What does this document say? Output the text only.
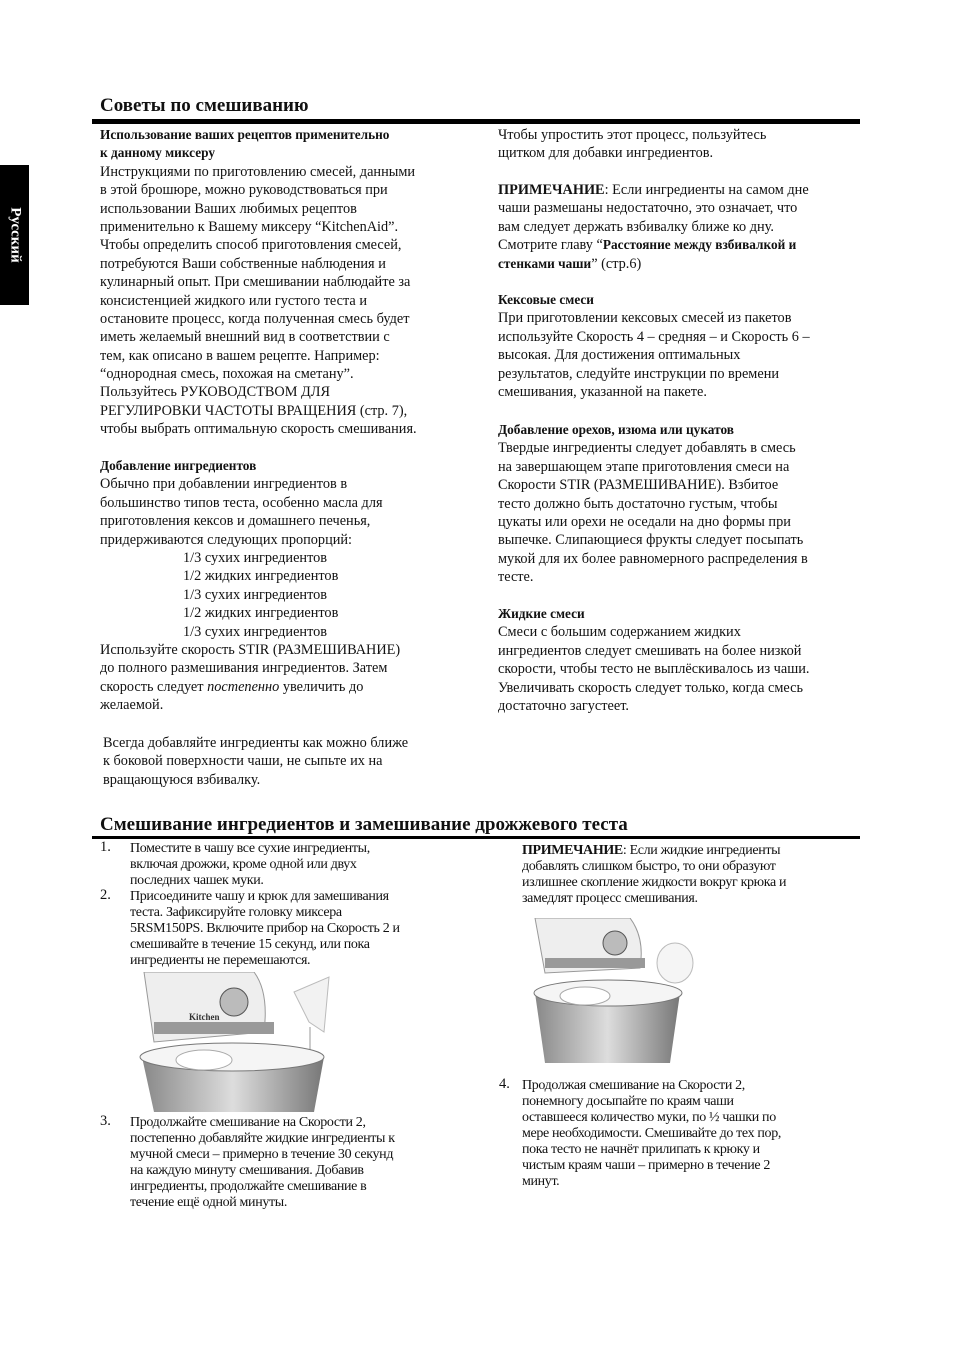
Русский
Советы по смешиванию
Использование ваших рецептов применительно
к данному миксеру
Инструкциями по приготовлению смесей, данными
в этой брошюре, можно руководствоваться при
использовании Ваших любимых рецептов
применительно к Вашему миксеру “KitchenAid”.
Чтобы определить способ приготовления смесей,
потребуются Ваши собственные наблюдения и
кулинарный опыт. При смешивании наблюдайте за
консистенцией жидкого или густого теста и
остановите процесс, когда полученная смесь будет
иметь желаемый внешний вид в соответствии с
тем, как описано в вашем рецепте. Например:
“однородная смесь, похожая на сметану”.
Пользуйтесь РУКОВОДСТВОМ ДЛЯ
РЕГУЛИРОВКИ ЧАСТОТЫ ВРАЩЕНИЯ (стр. 7),
чтобы выбрать оптимальную скорость смешивания.
Добавление ингредиентов
Обычно при добавлении ингредиентов в
большинство типов теста, особенно масла для
приготовления кексов и домашнего печенья,
придерживаются следующих пропорций:
1/3 сухих ингредиентов
1/2 жидких ингредиентов
1/3 сухих ингредиентов
1/2 жидких ингредиентов
1/3 сухих ингредиентов
Используйте скорость STIR (РАЗМЕШИВАНИЕ)
до полного размешивания ингредиентов. Затем
скорость следует постепенно увеличить до
желаемой.
Всегда добавляйте ингредиенты как можно ближе
к боковой поверхности чаши, не сыпьте их на
вращающуюся взбивалку.
Чтобы упростить этот процесс, пользуйтесь
щитком для добавки ингредиентов.
ПРИМЕЧАНИЕ: Если ингредиенты на самом дне
чаши размешаны недостаточно, это означает, что
вам следует держать взбивалку ближе ко дну.
Смотрите главу “Расстояние между взбивалкой и
стенками чаши” (стр.6)
Кексовые смеси
При приготовлении кексовых смесей из пакетов
используйте Скорость 4 – средняя – и Скорость 6 –
высокая. Для достижения оптимальных
результатов, следуйте инструкции по времени
смешивания, указанной на пакете.
Добавление орехов, изюма или цукатов
Твердые ингредиенты следует добавлять в смесь
на завершающем этапе приготовления смеси на
Скорости STIR (РАЗМЕШИВАНИЕ). Взбитое
тесто должно быть достаточно густым, чтобы
цукаты или орехи не оседали на дно формы при
выпечке. Слипающиеся фрукты следует посыпать
мукой для их более равномерного распределения в
тесте.
Жидкие смеси
Смеси с большим содержанием жидких
ингредиентов следует смешивать на более низкой
скорости, чтобы тесто не выплёскивалось из чаши.
Увеличивать скорость следует только, когда смесь
достаточно загустеет.
Смешивание ингредиентов и замешивание дрожжевого теста
1. Поместите в чашу все сухие ингредиенты,
включая дрожжи, кроме одной или двух
последних чашек муки.
2. Присоедините чашу и крюк для замешивания
теста. Зафиксируйте головку миксера
5RSM150PS. Включите прибор на Скорость 2 и
смешивайте в течение 15 секунд, или пока
ингредиенты не перемешаются.
3. Продолжайте смешивание на Скорости 2,
постепенно добавляйте жидкие ингредиенты к
мучной смеси – примерно в течение 30 секунд
на каждую минуту смешивания. Добавив
ингредиенты, продолжайте смешивание в
течение ещё одной минуты.
4. Продолжая смешивание на Скорости 2,
понемногу досыпайте по краям чаши
оставшееся количество муки, по ½ чашки по
мере необходимости. Смешивайте до тех пор,
пока тесто не начнёт прилипать к крюку и
чистым краям чаши – примерно в течение 2
минут.
ПРИМЕЧАНИЕ: Если жидкие ингредиенты
добавлять слишком быстро, то они образуют
излишнее скопление жидкости вокруг крюка и
замедлят процесс смешивания.
Kitchen
